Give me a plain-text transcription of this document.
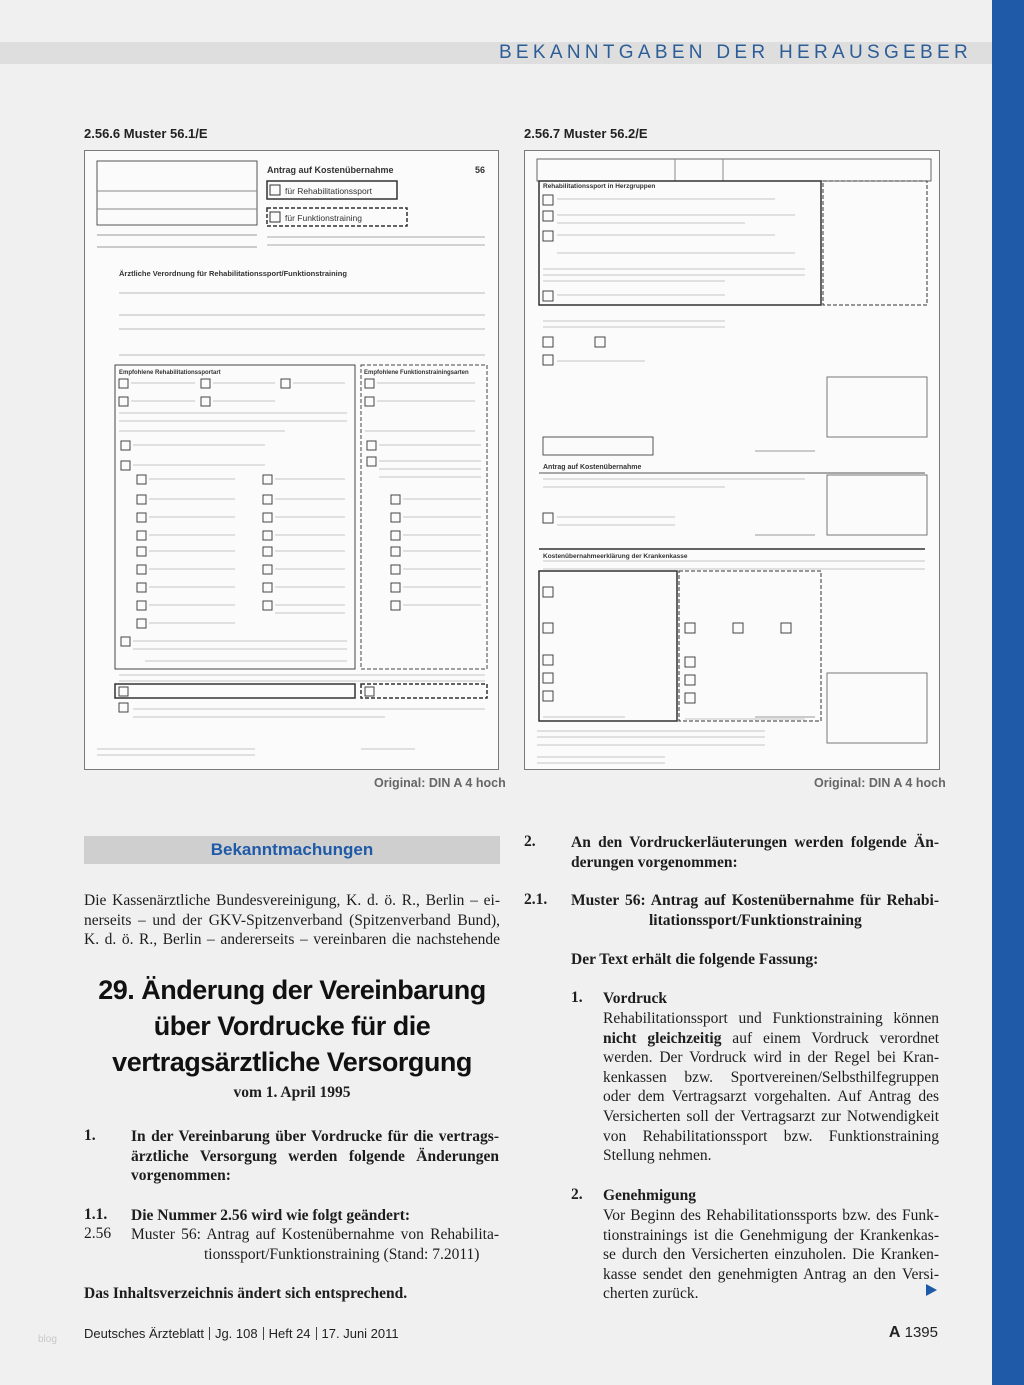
BEKANNTGABEN DER HERAUSGEBER
2.56.6 Muster 56.1/E
Antrag auf Kostenübernahme	56
für Rehabilitationssport
für Funktionstraining
Ärztliche Verordnung für Rehabilitationssport/Funktionstraining
Empfohlene Rehabilitationssportart	Empfohlene Funktionstrainingsarten
Original: DIN A 4 hoch
2.56.7 Muster 56.2/E
Rehabilitationssport in Herzgruppen
Antrag auf Kostenübernahme
Kostenübernahmeerklärung der Krankenkasse
Original: DIN A 4 hoch
Bekanntmachungen
Die Kassenärztliche Bundesvereinigung, K. d. ö. R., Berlin – ei-
nerseits – und der GKV-Spitzenverband (Spitzenverband Bund),
K. d. ö. R., Berlin – andererseits – vereinbaren die nachstehende
29. Änderung der Vereinbarung
über Vordrucke für die
vertragsärztliche Versorgung
vom 1. April 1995
1. In der Vereinbarung über Vordrucke für die vertrags-
ärztliche Versorgung werden folgende Änderungen
vorgenommen:
1.1. Die Nummer 2.56 wird wie folgt geändert:
2.56 Muster 56: Antrag auf Kostenübernahme von Rehabilita-
tionssport/Funktionstraining (Stand: 7.2011)
Das Inhaltsverzeichnis ändert sich entsprechend.
2. An den Vordruckerläuterungen werden folgende Än-
derungen vorgenommen:
2.1. Muster 56: Antrag auf Kostenübernahme für Rehabi-
litationssport/Funktionstraining
Der Text erhält die folgende Fassung:
1. Vordruck
Rehabilitationssport und Funktionstraining können
nicht gleichzeitig auf einem Vordruck verordnet
werden. Der Vordruck wird in der Regel bei Kran-
kenkassen bzw. Sportvereinen/Selbsthilfegruppen
oder dem Vertragsarzt vorgehalten. Auf Antrag des
Versicherten soll der Vertragsarzt zur Notwendigkeit
von Rehabilitationssport bzw. Funktionstraining
Stellung nehmen.
2. Genehmigung
Vor Beginn des Rehabilitationssports bzw. des Funk-
tionstrainings ist die Genehmigung der Krankenkas-
se durch den Versicherten einzuholen. Die Kranken-
kasse sendet den genehmigten Antrag an den Versi-
cherten zurück.
blog Deutsches Ärzteblatt Jg. 108 Heft 24 17. Juni 2011	A 1395
